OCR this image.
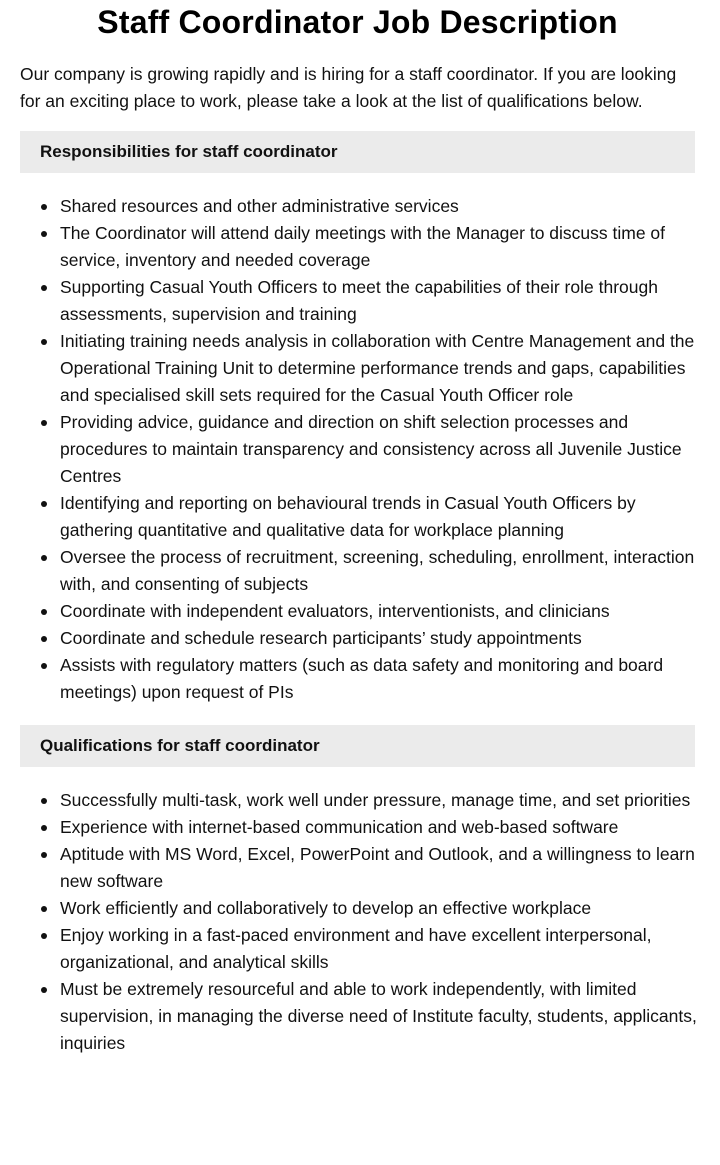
Staff Coordinator Job Description

Our company is growing rapidly and is hiring for a staff coordinator. If you are looking for an exciting place to work, please take a look at the list of qualifications below.

Responsibilities for staff coordinator
Shared resources and other administrative services
The Coordinator will attend daily meetings with the Manager to discuss time of service, inventory and needed coverage
Supporting Casual Youth Officers to meet the capabilities of their role through assessments, supervision and training
Initiating training needs analysis in collaboration with Centre Management and the Operational Training Unit to determine performance trends and gaps, capabilities and specialised skill sets required for the Casual Youth Officer role
Providing advice, guidance and direction on shift selection processes and procedures to maintain transparency and consistency across all Juvenile Justice Centres
Identifying and reporting on behavioural trends in Casual Youth Officers by gathering quantitative and qualitative data for workplace planning
Oversee the process of recruitment, screening, scheduling, enrollment, interaction with, and consenting of subjects
Coordinate with independent evaluators, interventionists, and clinicians
Coordinate and schedule research participants’ study appointments
Assists with regulatory matters (such as data safety and monitoring and board meetings) upon request of PIs
Qualifications for staff coordinator
Successfully multi-task, work well under pressure, manage time, and set priorities
Experience with internet-based communication and web-based software
Aptitude with MS Word, Excel, PowerPoint and Outlook, and a willingness to learn new software
Work efficiently and collaboratively to develop an effective workplace
Enjoy working in a fast-paced environment and have excellent interpersonal, organizational, and analytical skills
Must be extremely resourceful and able to work independently, with limited supervision, in managing the diverse need of Institute faculty, students, applicants, inquiries
